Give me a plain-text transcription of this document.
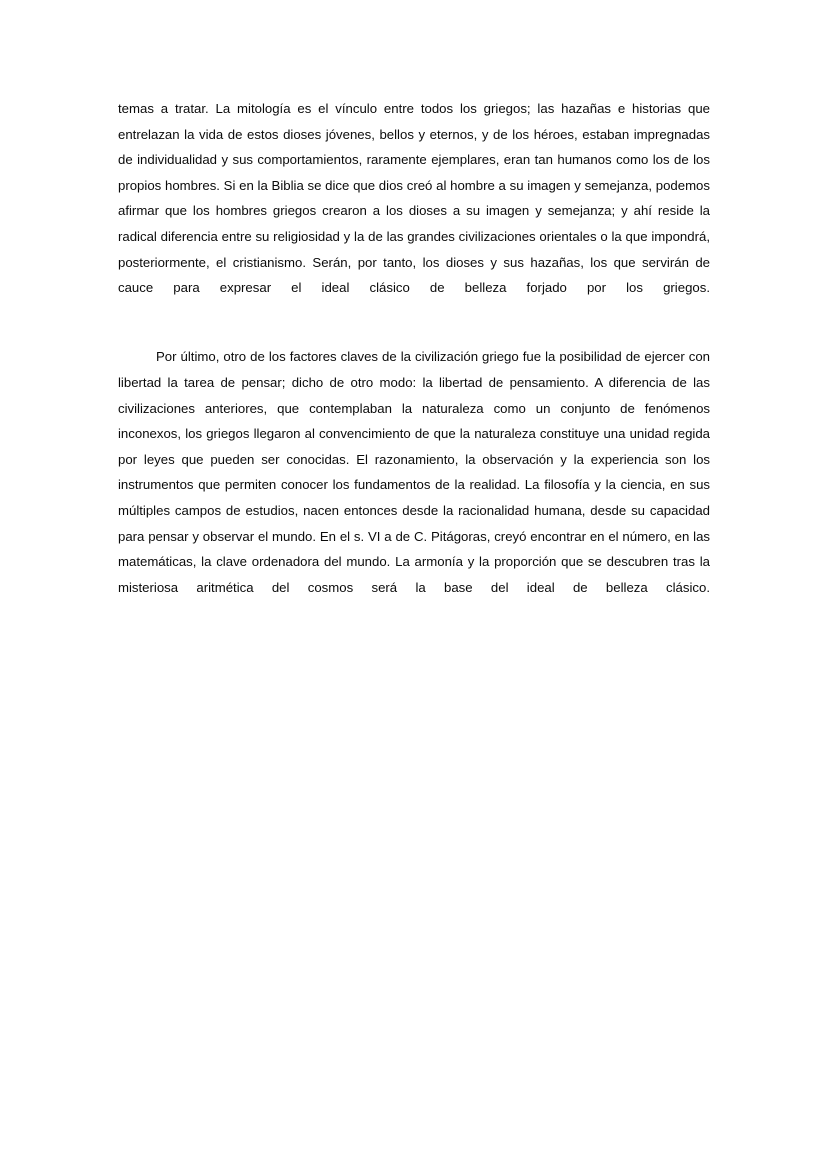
temas a tratar. La mitología es el vínculo entre todos los griegos; las hazañas e historias que entrelazan la vida de estos dioses jóvenes, bellos y eternos, y de los héroes, estaban impregnadas de individualidad y sus comportamientos, raramente ejemplares, eran tan humanos como los de los propios hombres. Si en la Biblia se dice que dios creó al hombre a su imagen y semejanza, podemos afirmar que los hombres griegos crearon a los dioses a su imagen y semejanza; y ahí reside la radical diferencia entre su religiosidad y la de las grandes civilizaciones orientales o la que impondrá, posteriormente, el cristianismo. Serán, por tanto, los dioses y sus hazañas, los que servirán de cauce para expresar el ideal clásico de belleza forjado por los griegos.

Por último, otro de los factores claves de la civilización griego fue la posibilidad de ejercer con libertad la tarea de pensar; dicho de otro modo: la libertad de pensamiento. A diferencia de las civilizaciones anteriores, que contemplaban la naturaleza como un conjunto de fenómenos inconexos, los griegos llegaron al convencimiento de que la naturaleza constituye una unidad regida por leyes que pueden ser conocidas. El razonamiento, la observación y la experiencia son los instrumentos que permiten conocer los fundamentos de la realidad. La filosofía y la ciencia, en sus múltiples campos de estudios, nacen entonces desde la racionalidad humana, desde su capacidad para pensar y observar el mundo. En el s. VI a de C. Pitágoras, creyó encontrar en el número, en las matemáticas, la clave ordenadora del mundo. La armonía y la proporción que se descubren tras la misteriosa aritmética del cosmos será la base del ideal de belleza clásico.
